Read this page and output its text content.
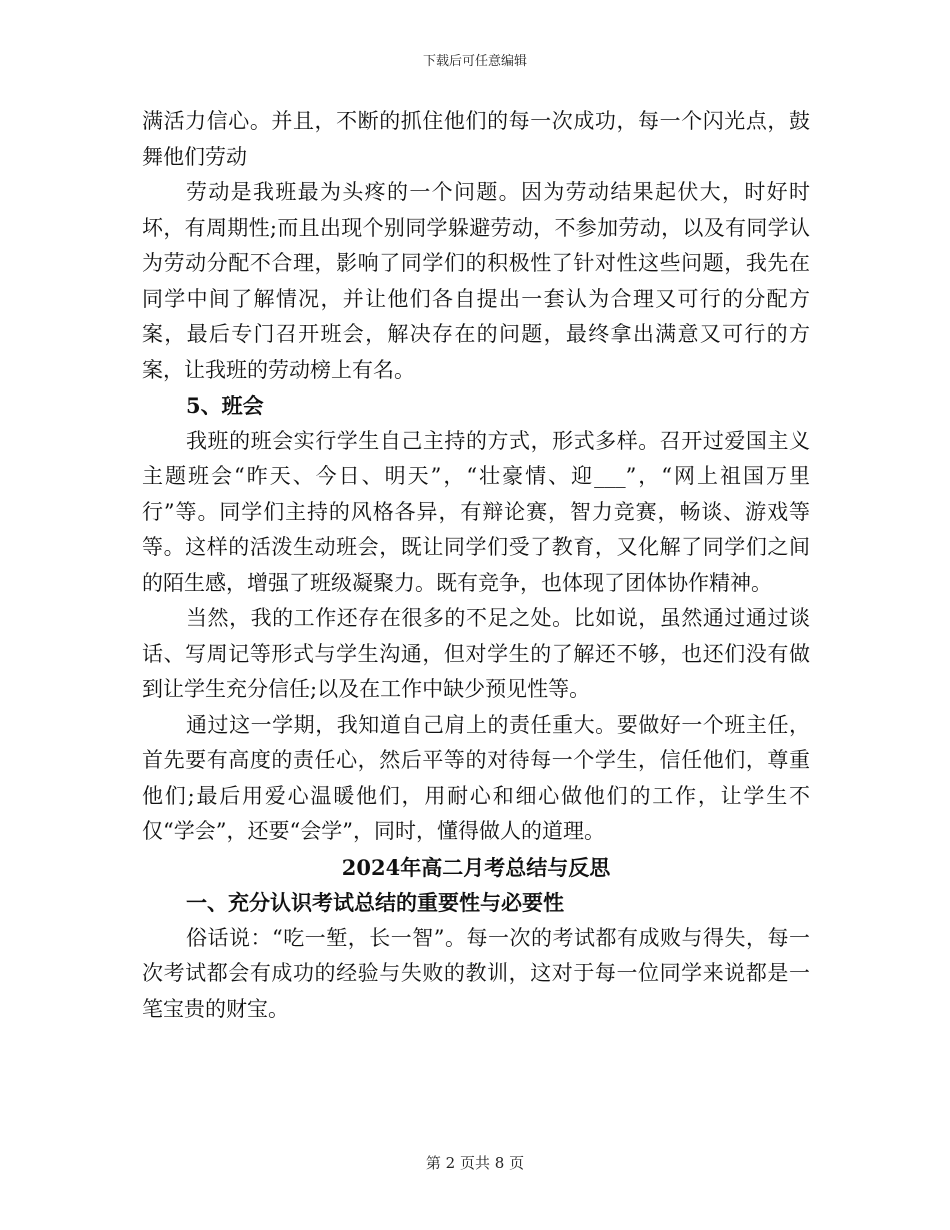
下载后可任意编辑

满活力信心。并且，不断的抓住他们的每一次成功，每一个闪光点，鼓舞他们劳动

劳动是我班最为头疼的一个问题。因为劳动结果起伏大，时好时坏，有周期性;而且出现个别同学躲避劳动，不参加劳动，以及有同学认为劳动分配不合理，影响了同学们的积极性了针对性这些问题，我先在同学中间了解情况，并让他们各自提出一套认为合理又可行的分配方案，最后专门召开班会，解决存在的问题，最终拿出满意又可行的方案，让我班的劳动榜上有名。

5、班会

我班的班会实行学生自己主持的方式，形式多样。召开过爱国主义主题班会“昨天、今日、明天”，“壮豪情、迎___”，“网上祖国万里行”等。同学们主持的风格各异，有辩论赛，智力竞赛，畅谈、游戏等等。这样的活泼生动班会，既让同学们受了教育，又化解了同学们之间的陌生感，增强了班级凝聚力。既有竞争，也体现了团体协作精神。

当然，我的工作还存在很多的不足之处。比如说，虽然通过通过谈话、写周记等形式与学生沟通，但对学生的了解还不够，也还们没有做到让学生充分信任;以及在工作中缺少预见性等。

通过这一学期，我知道自己肩上的责任重大。要做好一个班主任，首先要有高度的责任心，然后平等的对待每一个学生，信任他们，尊重他们;最后用爱心温暖他们，用耐心和细心做他们的工作，让学生不仅“学会”，还要“会学”，同时，懂得做人的道理。

2024年高二月考总结与反思

一、充分认识考试总结的重要性与必要性

俗话说：“吃一堑，长一智”。每一次的考试都有成败与得失，每一次考试都会有成功的经验与失败的教训，这对于每一位同学来说都是一笔宝贵的财宝。

第 2 页共 8 页
